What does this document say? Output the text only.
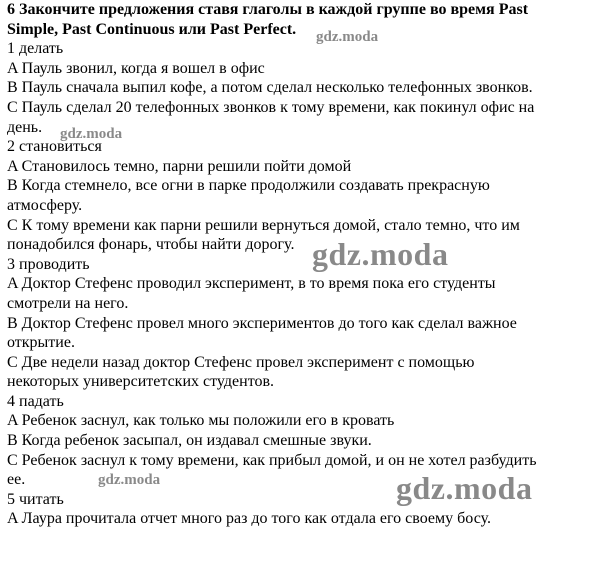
6 Закончите предложения ставя глаголы в каждой группе во время Past
Simple, Past Continuous или Past Perfect.
1 делать
A Пауль звонил, когда я вошел в офис
B Пауль сначала выпил кофе, а потом сделал несколько телефонных звонков.
C Пауль сделал 20 телефонных звонков к тому времени, как покинул офис на
день.
2 становиться
A Становилось темно, парни решили пойти домой
B Когда стемнело, все огни в парке продолжили создавать прекрасную
атмосферу.
C К тому времени как парни решили вернуться домой, стало темно, что им
понадобился фонарь, чтобы найти дорогу.
3 проводить
A Доктор Стефенс проводил эксперимент, в то время пока его студенты
смотрели на него.
B Доктор Стефенс провел много экспериментов до того как сделал важное
открытие.
C Две недели назад доктор Стефенс провел эксперимент с помощью
некоторых университетских студентов.
4 падать
A Ребенок заснул, как только мы положили его в кровать
B Когда ребенок засыпал, он издавал смешные звуки.
C Ребенок заснул к тому времени, как прибыл домой, и он не хотел разбудить
ее.
5 читать
A Лаура прочитала отчет много раз до того как отдала его своему босу.
gdz.moda
gdz.moda
gdz.moda
gdz.moda	gdz.moda
